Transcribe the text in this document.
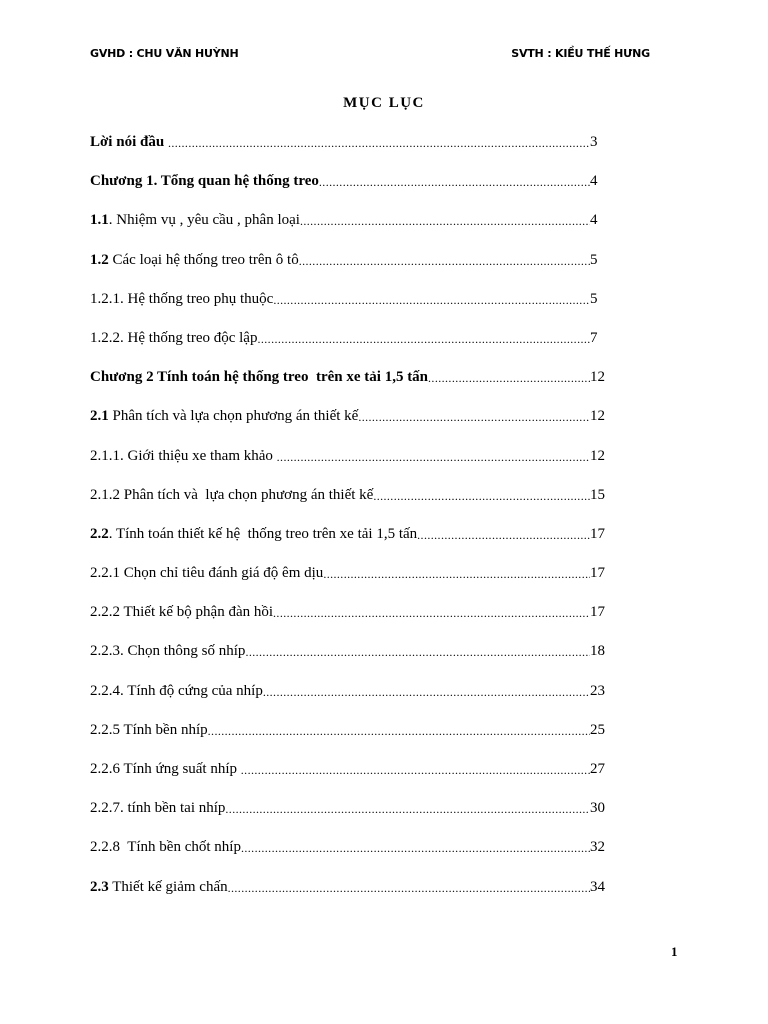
GVHD : CHU VĂN HUỲNH	SVTH : KIỀU THẾ HƯNG
MỤC LỤC
Lời nói đầu .....	3
Chương 1. Tổng quan hệ thống treo .....	4
1.1. Nhiệm vụ , yêu cầu , phân loại .....	4
1.2 Các loại hệ thống treo trên ô tô .....	5
1.2.1. Hệ thống treo phụ thuộc .....	5
1.2.2. Hệ thống treo độc lập .....	7
Chương 2 Tính toán hệ thống treo  trên xe tải 1,5 tấn .....	12
2.1 Phân tích và lựa chọn phương án thiết kế .....	12
2.1.1. Giới thiệu xe tham khảo .....	12
2.1.2 Phân tích và  lựa chọn phương án thiết kế .....	15
2.2. Tính toán thiết kế hệ  thống treo trên xe tải 1,5 tấn .....	17
2.2.1 Chọn chỉ tiêu đánh giá độ êm dịu .....	17
2.2.2 Thiết kế bộ phận đàn hồi .....	17
2.2.3. Chọn thông số nhíp .....	18
2.2.4. Tính độ cứng của nhíp .....	23
2.2.5 Tính bền nhíp .....	25
2.2.6 Tính ứng suất nhíp .....	27
2.2.7. tính bền tai nhíp .....	30
2.2.8  Tính bền chốt nhíp .....	32
2.3 Thiết kế giảm chấn .....	34
1
